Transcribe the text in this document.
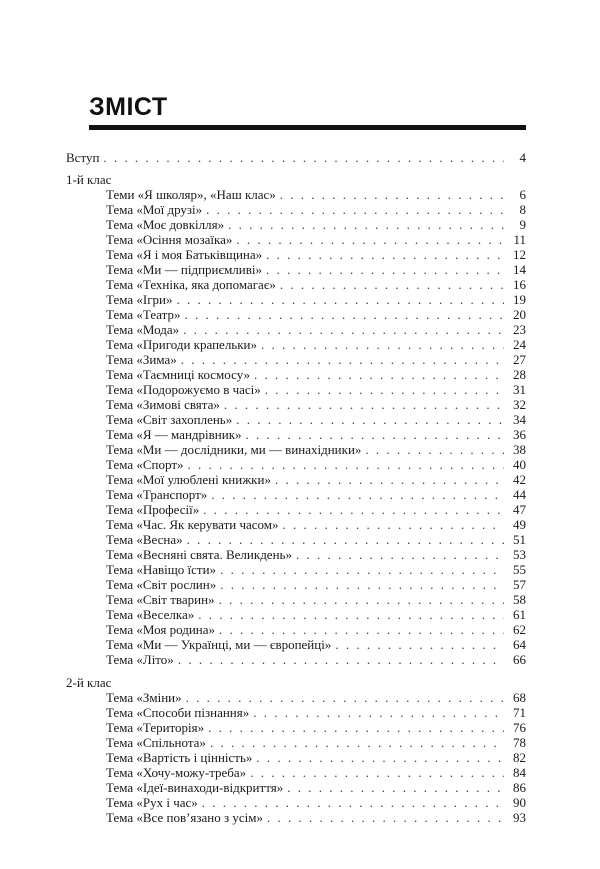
ЗМІСТ
Вступ . . .	4
1-й клас
Теми «Я школяр», «Наш клас» . . .	6
Тема «Мої друзі» . . .	8
Тема «Моє довкілля» . . .	9
Тема «Осіння мозаїка» . . .	11
Тема «Я і моя Батьківщина» . . .	12
Тема «Ми — підприємливі» . . .	14
Тема «Техніка, яка допомагає» . . .	16
Тема «Ігри» . . .	19
Тема «Театр» . . .	20
Тема «Мода» . . .	23
Тема «Пригоди крапельки» . . .	24
Тема «Зима» . . .	27
Тема «Таємниці космосу» . . .	28
Тема «Подорожуємо в часі» . . .	31
Тема «Зимові свята» . . .	32
Тема «Світ захоплень» . . .	34
Тема «Я — мандрівник» . . .	36
Тема «Ми — дослідники, ми — винахідники» . . .	38
Тема «Спорт» . . .	40
Тема «Мої улюблені книжки» . . .	42
Тема «Транспорт» . . .	44
Тема «Професії» . . .	47
Тема «Час. Як керувати часом» . . .	49
Тема «Весна» . . .	51
Тема «Весняні свята. Великдень» . . .	53
Тема «Навіщо їсти» . . .	55
Тема «Світ рослин» . . .	57
Тема «Світ тварин» . . .	58
Тема «Веселка» . . .	61
Тема «Моя родина» . . .	62
Тема «Ми — Українці, ми — європейці» . . .	64
Тема «Літо» . . .	66
2-й клас
Тема «Зміни» . . .	68
Тема «Способи пізнання» . . .	71
Тема «Територія» . . .	76
Тема «Спільнота» . . .	78
Тема «Вартість і цінність» . . .	82
Тема «Хочу-можу-треба» . . .	84
Тема «Ідеї-винаходи-відкриття» . . .	86
Тема «Рух і час» . . .	90
Тема «Все пов’язано з усім» . . .	93
